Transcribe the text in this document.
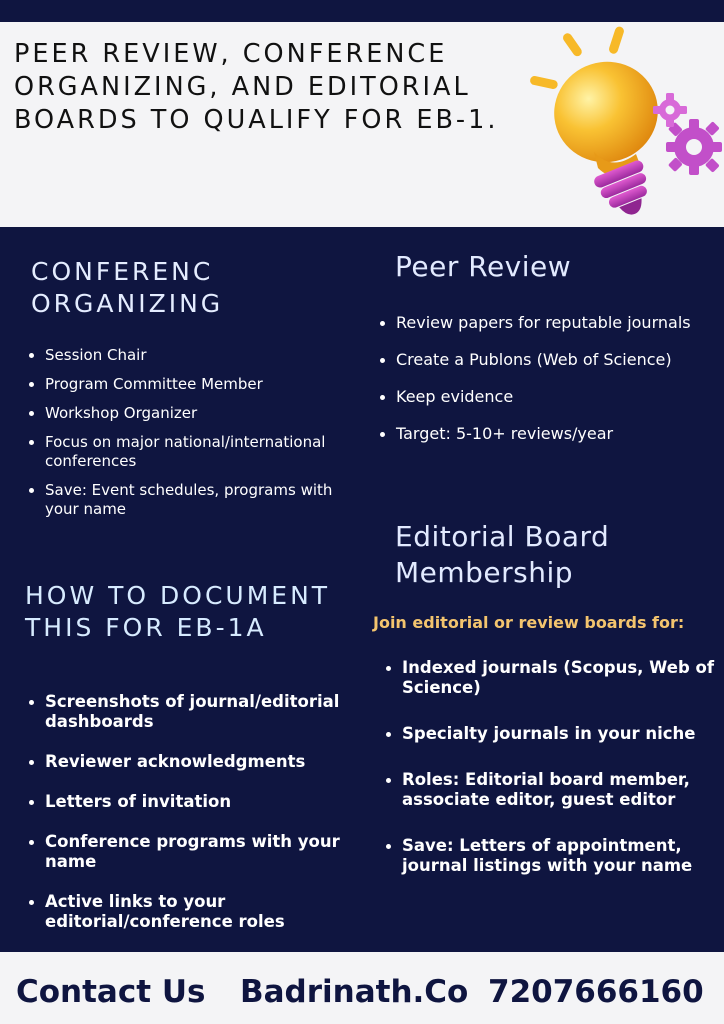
PEER REVIEW, CONFERENCE
ORGANIZING, AND EDITORIAL
BOARDS TO QUALIFY FOR EB-1.
CONFERENC
ORGANIZING
Session Chair
Program Committee Member
Workshop Organizer
Focus on major national/international conferences
Save: Event schedules, programs with your name
Peer Review
Review papers for reputable journals
Create a Publons (Web of Science)
Keep evidence
Target: 5-10+ reviews/year
HOW TO DOCUMENT
THIS FOR EB-1A
Screenshots of journal/editorial dashboards
Reviewer acknowledgments
Letters of invitation
Conference programs with your name
Active links to your editorial/conference roles
Editorial Board
Membership
Join editorial or review boards for:
Indexed journals (Scopus, Web of Science)
Specialty journals in your niche
Roles: Editorial board member, associate editor, guest editor
Save: Letters of appointment, journal listings with your name
Contact Us Badrinath.Co 7207666160
